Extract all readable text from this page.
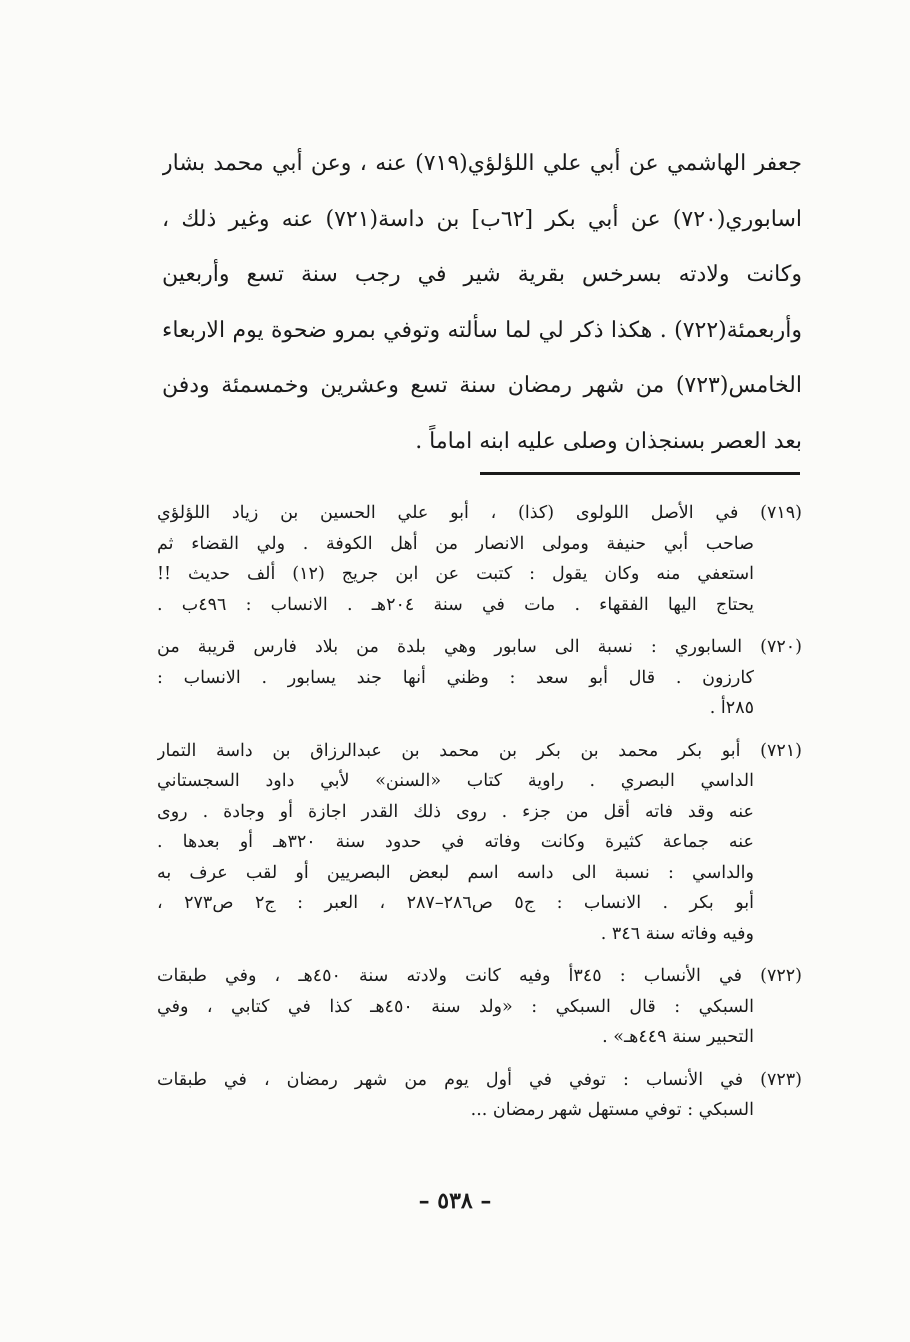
جعفر الهاشمي عن أبي علي اللؤلؤي(٧١٩) عنه ، وعن أبي محمد بشار
اسابوري(٧٢٠) عن أبي بكر [٦٢ب] بن داسة(٧٢١) عنه وغير ذلك ،
وكانت ولادته بسرخس بقرية شير في رجب سنة تسع وأربعين
وأربعمئة(٧٢٢) . هكذا ذكر لي لما سألته وتوفي بمرو ضحوة يوم الاربعاء
الخامس(٧٢٣) من شهر رمضان سنة تسع وعشرين وخمسمئة ودفن
بعد العصر بسنجذان وصلى عليه ابنه اماماً .
(٧١٩) في الأصل اللولوى (كذا) ، أبو علي الحسين بن زياد اللؤلؤي
صاحب أبي حنيفة ومولى الانصار من أهل الكوفة . ولي القضاء ثم
استعفي منه وكان يقول : كتبت عن ابن جريج (١٢) ألف حديث !!
يحتاج اليها الفقهاء . مات في سنة ٢٠٤هـ . الانساب : ٤٩٦ب .
(٧٢٠) السابوري : نسبة الى سابور وهي بلدة من بلاد فارس قريبة من
كارزون . قال أبو سعد : وظني أنها جند يسابور . الانساب :
٢٨٥أ .
(٧٢١) أبو بكر محمد بن بكر بن محمد بن عبدالرزاق بن داسة التمار
الداسي البصري . راوية كتاب «السنن» لأبي داود السجستاني
عنه وقد فاته أقل من جزء . روى ذلك القدر اجازة أو وجادة . روى
عنه جماعة كثيرة وكانت وفاته في حدود سنة ٣٢٠هـ أو بعدها .
والداسي : نسبة الى داسه اسم لبعض البصريين أو لقب عرف به
أبو بكر . الانساب : ج٥ ص٢٨٦–٢٨٧ ، العبر : ج٢ ص٢٧٣ ،
وفيه وفاته سنة ٣٤٦ .
(٧٢٢) في الأنساب : ٣٤٥أ وفيه كانت ولادته سنة ٤٥٠هـ ، وفي طبقات
السبكي : قال السبكي : «ولد سنة ٤٥٠هـ كذا في كتابي ، وفي
التحبير سنة ٤٤٩هـ» .
(٧٢٣) في الأنساب : توفي في أول يوم من شهر رمضان ، في طبقات
السبكي : توفي مستهل شهر رمضان ...
– ٥٣٨ –
